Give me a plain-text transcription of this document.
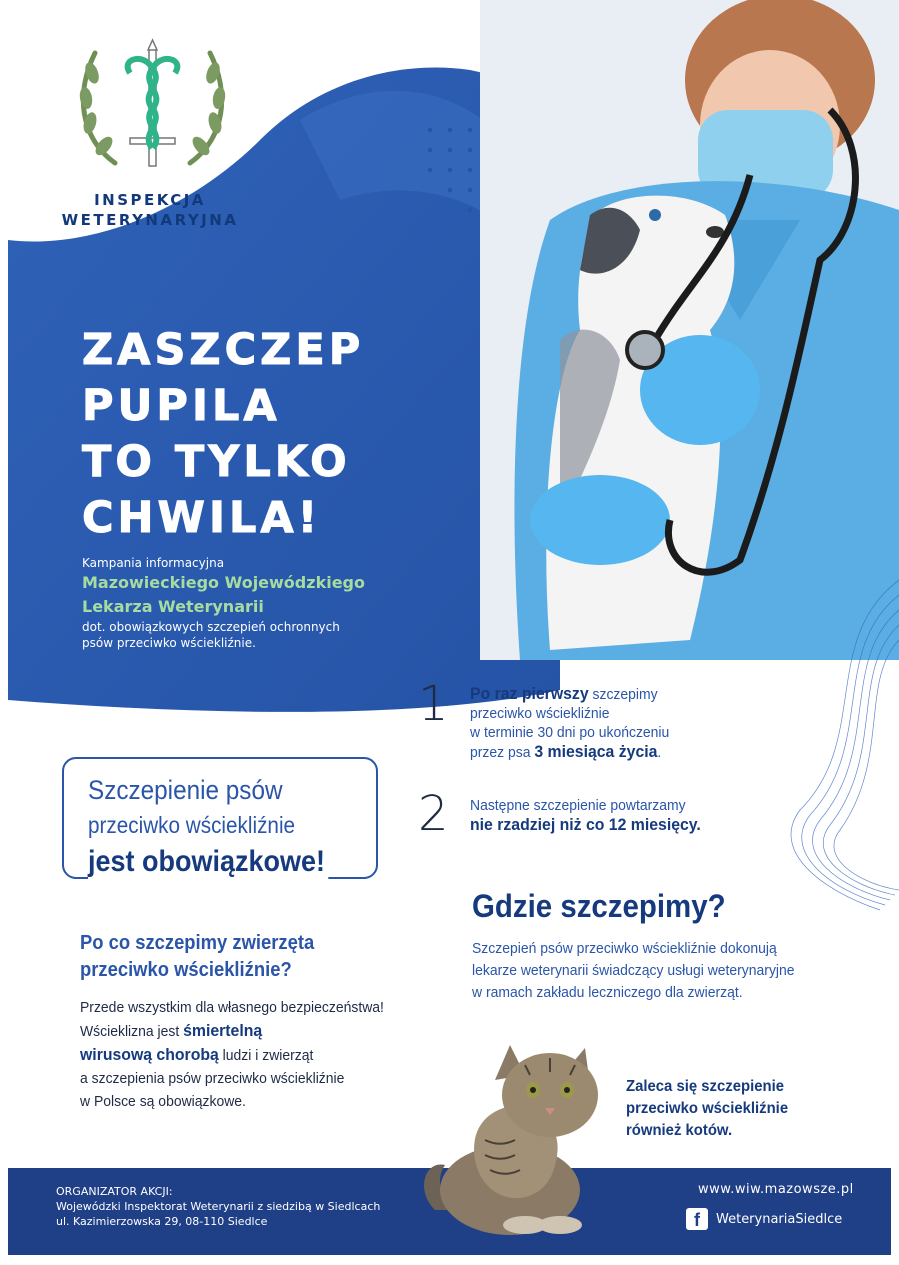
INSPEKCJA
WETERYNARYJNA
ZASZCZEP
PUPILA
TO TYLKO
CHWILA!
Kampania informacyjna
Mazowieckiego Wojewódzkiego
Lekarza Weterynarii
dot. obowiązkowych szczepień ochronnych
psów przeciwko wściekliźnie.
1 Po raz pierwszy szczepimy
przeciwko wściekliźnie
w terminie 30 dni po ukończeniu
przez psa 3 miesiąca życia.
2 Następne szczepienie powtarzamy
nie rzadziej niż co 12 miesięcy.
Szczepienie psów
przeciwko wściekliźnie
jest obowiązkowe!
Po co szczepimy zwierzęta
przeciwko wściekliźnie?
Przede wszystkim dla własnego bezpieczeństwa!
Wścieklizna jest śmiertelną
wirusową chorobą ludzi i zwierząt
a szczepienia psów przeciwko wściekliźnie
w Polsce są obowiązkowe.
Gdzie szczepimy?
Szczepień psów przeciwko wściekliźnie dokonują
lekarze weterynarii świadczący usługi weterynaryjne
w ramach zakładu leczniczego dla zwierząt.
Zaleca się szczepienie
przeciwko wściekliźnie
również kotów.
ORGANIZATOR AKCJI:
Wojewódzki Inspektorat Weterynarii z siedzibą w Siedlcach
ul. Kazimierzowska 29, 08-110 Siedlce
www.wiw.mazowsze.pl
f	WeterynariaSiedlce
